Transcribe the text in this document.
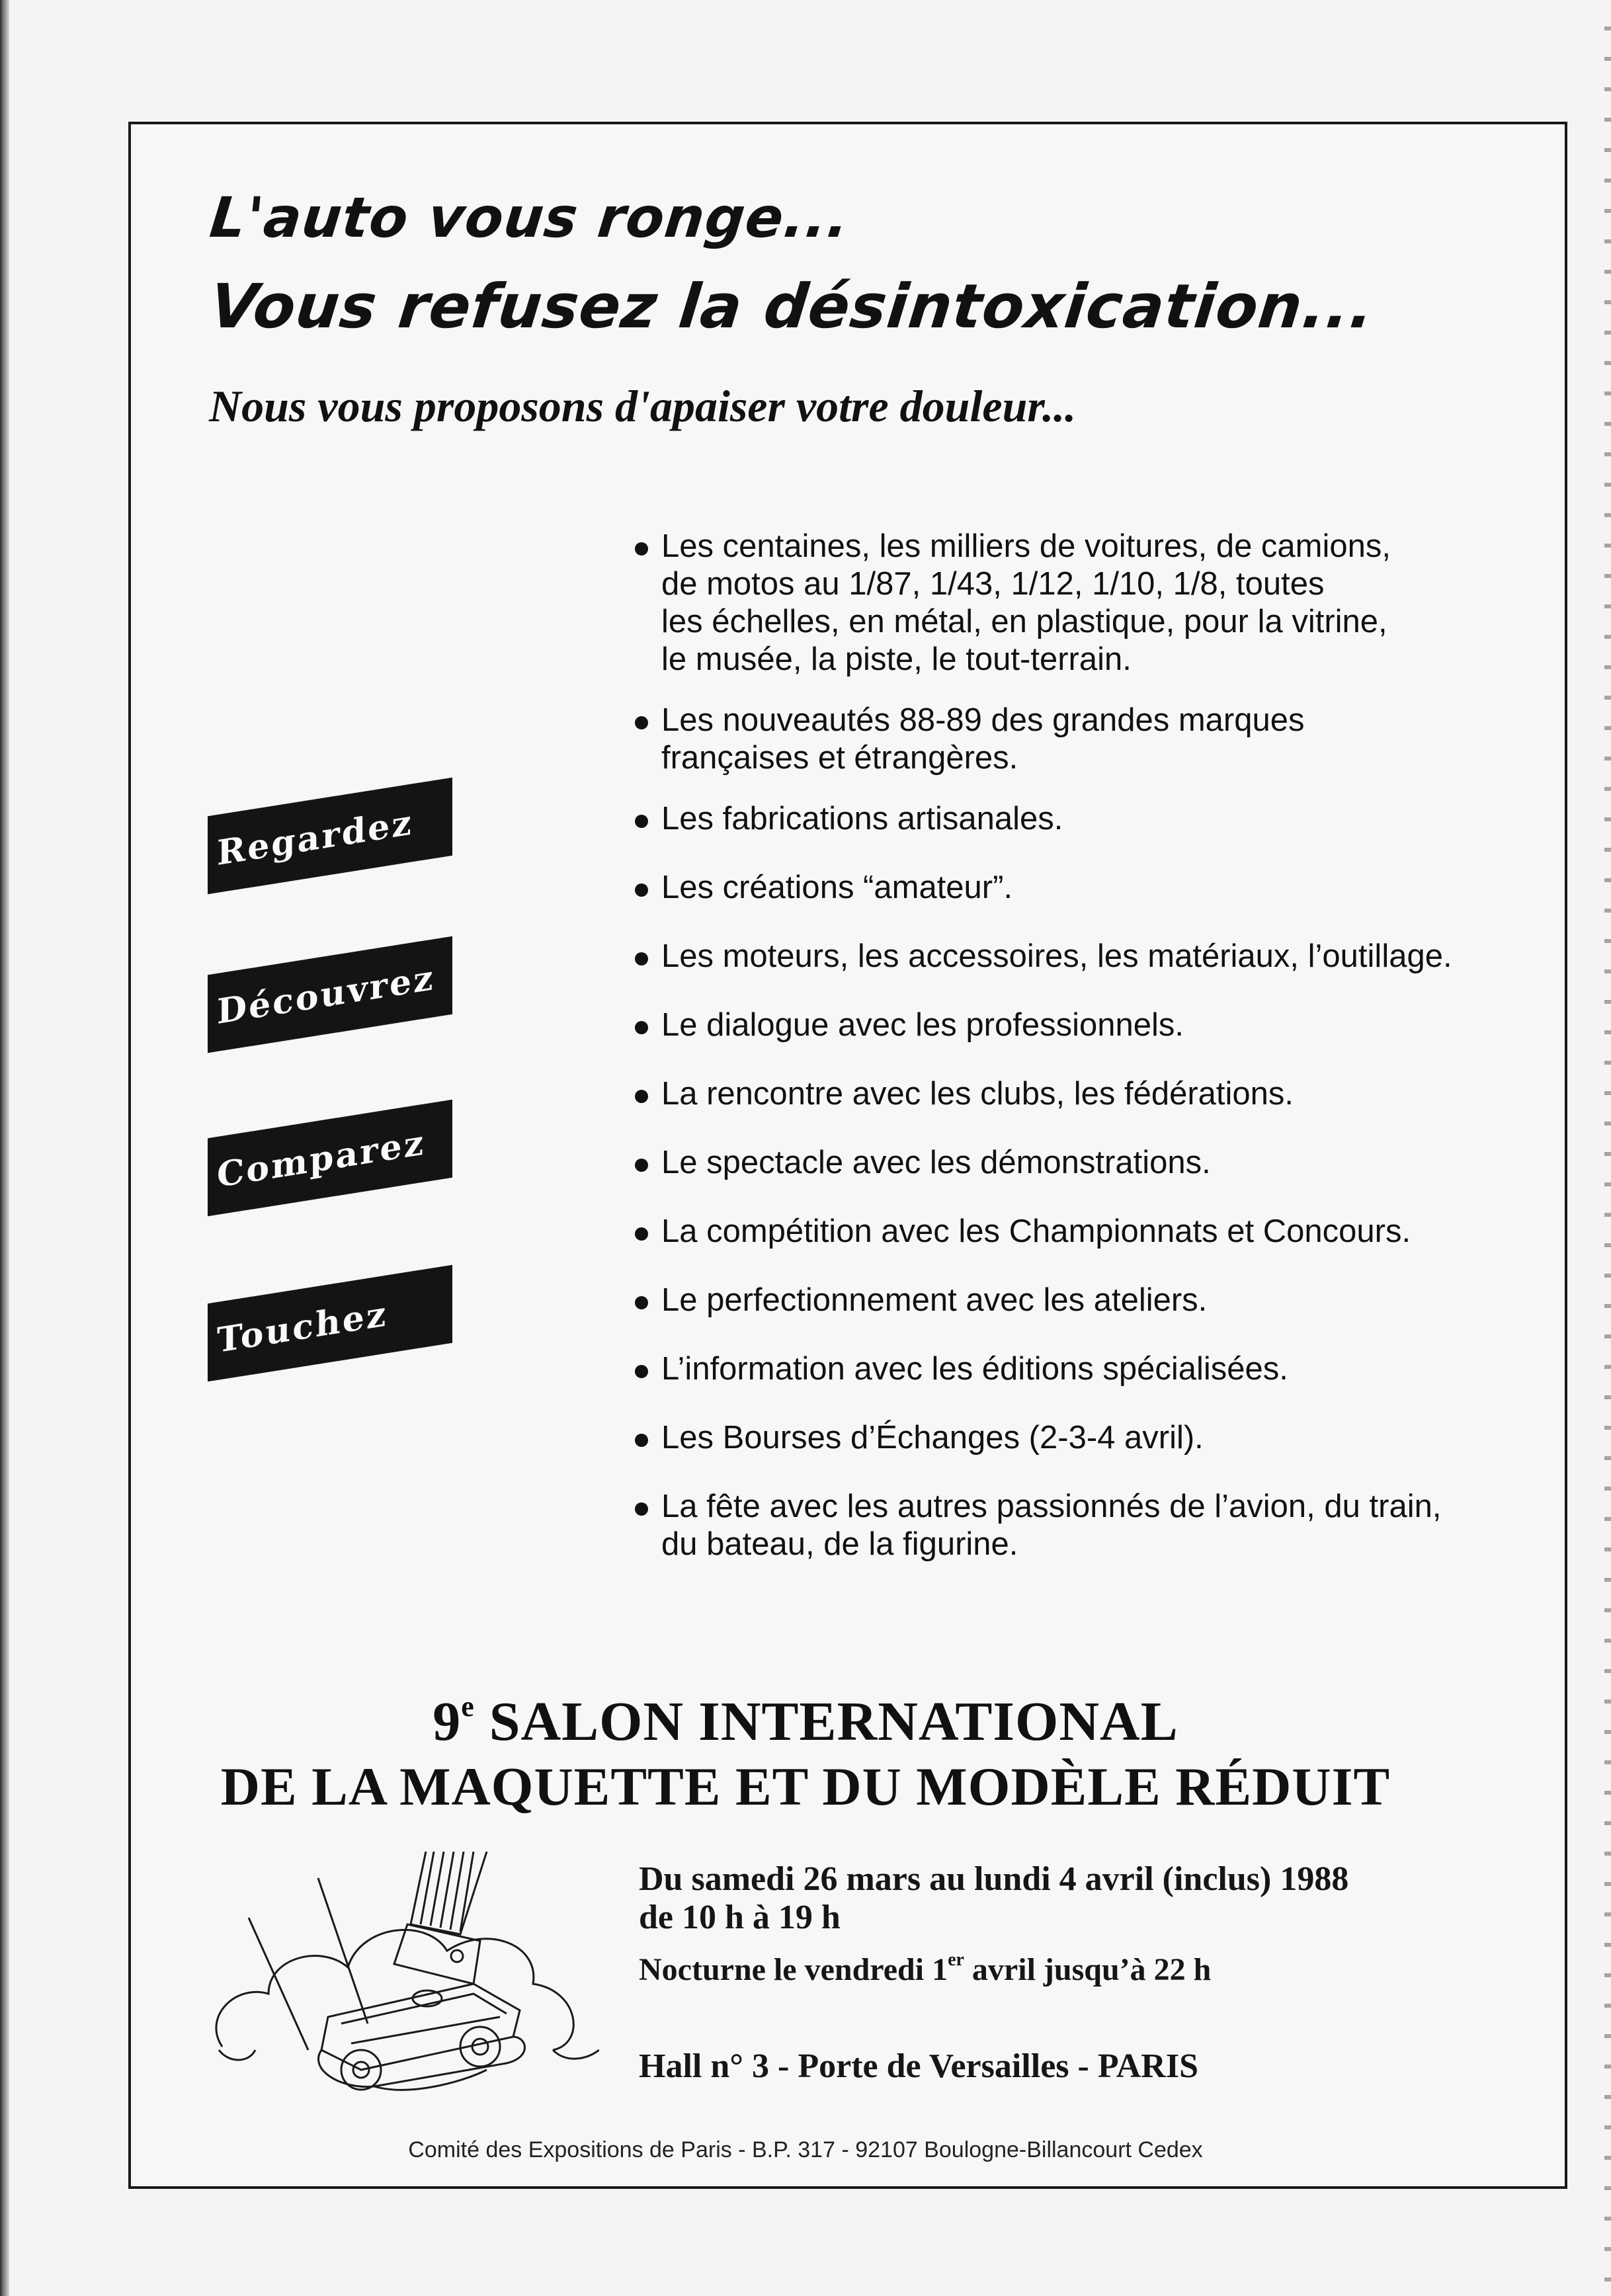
L'auto vous ronge...
Vous refusez la désintoxication...
Nous vous proposons d'apaiser votre douleur...
Regardez
Découvrez
Comparez
Touchez
Les centaines, les milliers de voitures, de camions,
de motos au 1/87, 1/43, 1/12, 1/10, 1/8, toutes
les échelles, en métal, en plastique, pour la vitrine,
le musée, la piste, le tout-terrain.
Les nouveautés 88-89 des grandes marques
françaises et étrangères.
Les fabrications artisanales.
Les créations “amateur”.
Les moteurs, les accessoires, les matériaux, l’outillage.
Le dialogue avec les professionnels.
La rencontre avec les clubs, les fédérations.
Le spectacle avec les démonstrations.
La compétition avec les Championnats et Concours.
Le perfectionnement avec les ateliers.
L’information avec les éditions spécialisées.
Les Bourses d’Échanges (2-3-4 avril).
La fête avec les autres passionnés de l’avion, du train,
du bateau, de la figurine.
9e SALON INTERNATIONAL
DE LA MAQUETTE ET DU MODÈLE RÉDUIT

Du samedi 26 mars au lundi 4 avril (inclus) 1988

de 10 h à 19 h

Nocturne le vendredi 1er avril jusqu’à 22 h

Hall n° 3 - Porte de Versailles - PARIS

Comité des Expositions de Paris - B.P. 317 - 92107 Boulogne-Billancourt Cedex
